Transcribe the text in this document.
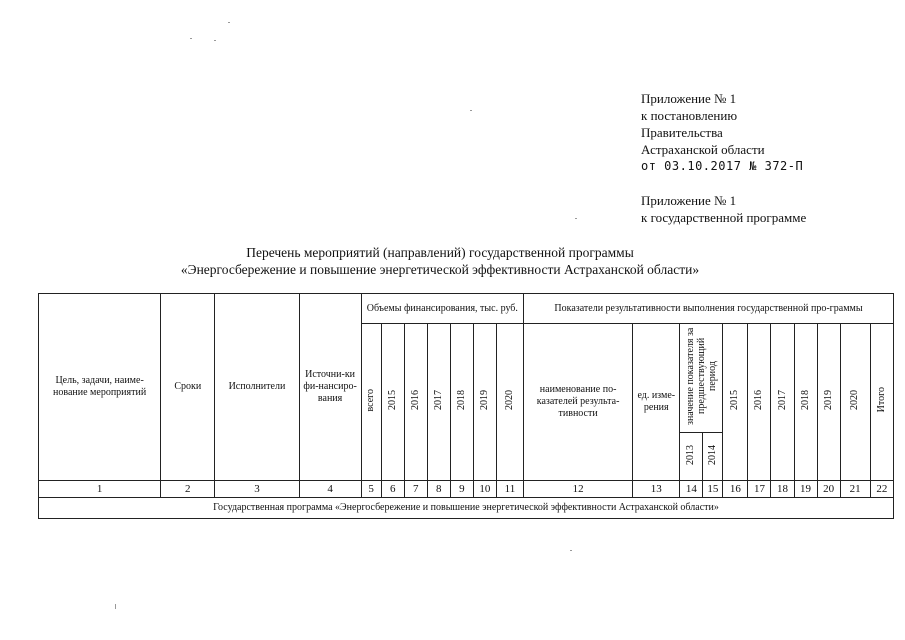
Приложение № 1
к постановлению
Правительства
Астраханской области
от 03.10.2017 № 372-П
Приложение № 1
к государственной программе
Перечень мероприятий (направлений) государственной программы
«Энергосбережение и повышение энергетической эффективности Астраханской области»
Цель, задачи, наиме-нование мероприятий	Сроки	Исполнители	Источни-ки фи-нансиро-вания	Объемы финансирования, тыс. руб.							Показатели результативности выполнения государственной про-граммы										
				всего	2015	2016	2017	2018	2019	2020	наименование по-казателей результа-тивности	ед. изме-рения	значение показателя за предшествующий период		2015	2016	2017	2018	2019	2020	Итого
													2013	2014							
1	2	3	4	5	6	7	8	9	10	11	12	13	14	15	16	17	18	19	20	21	22
Государственная программа «Энергосбережение и повышение энергетической эффективности Астраханской области»																					
